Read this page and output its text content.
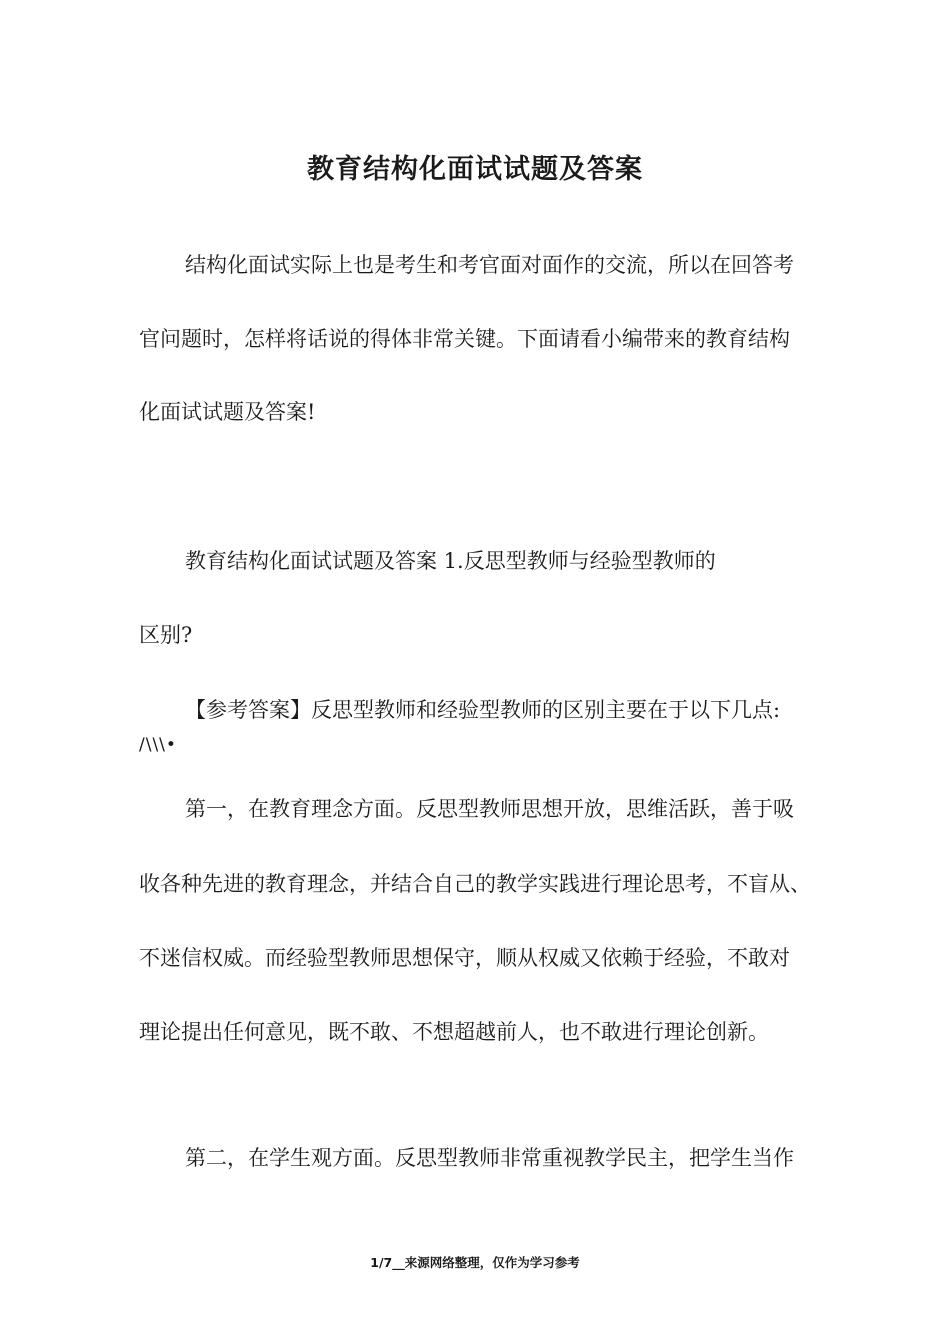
教育结构化面试试题及答案
结构化面试实际上也是考生和考官面对面作的交流，所以在回答考
官问题时，怎样将话说的得体非常关键。下面请看小编带来的教育结构
化面试试题及答案!
教育结构化面试试题及答案 1.反思型教师与经验型教师的
区别?
【参考答案】反思型教师和经验型教师的区别主要在于以下几点:
/\\\•
第一，在教育理念方面。反思型教师思想开放，思维活跃，善于吸
收各种先进的教育理念，并结合自己的教学实践进行理论思考，不盲从、
不迷信权威。而经验型教师思想保守，顺从权威又依赖于经验，不敢对
理论提出任何意见，既不敢、不想超越前人，也不敢进行理论创新。
第二，在学生观方面。反思型教师非常重视教学民主，把学生当作
1/7__来源网络整理，仅作为学习参考
